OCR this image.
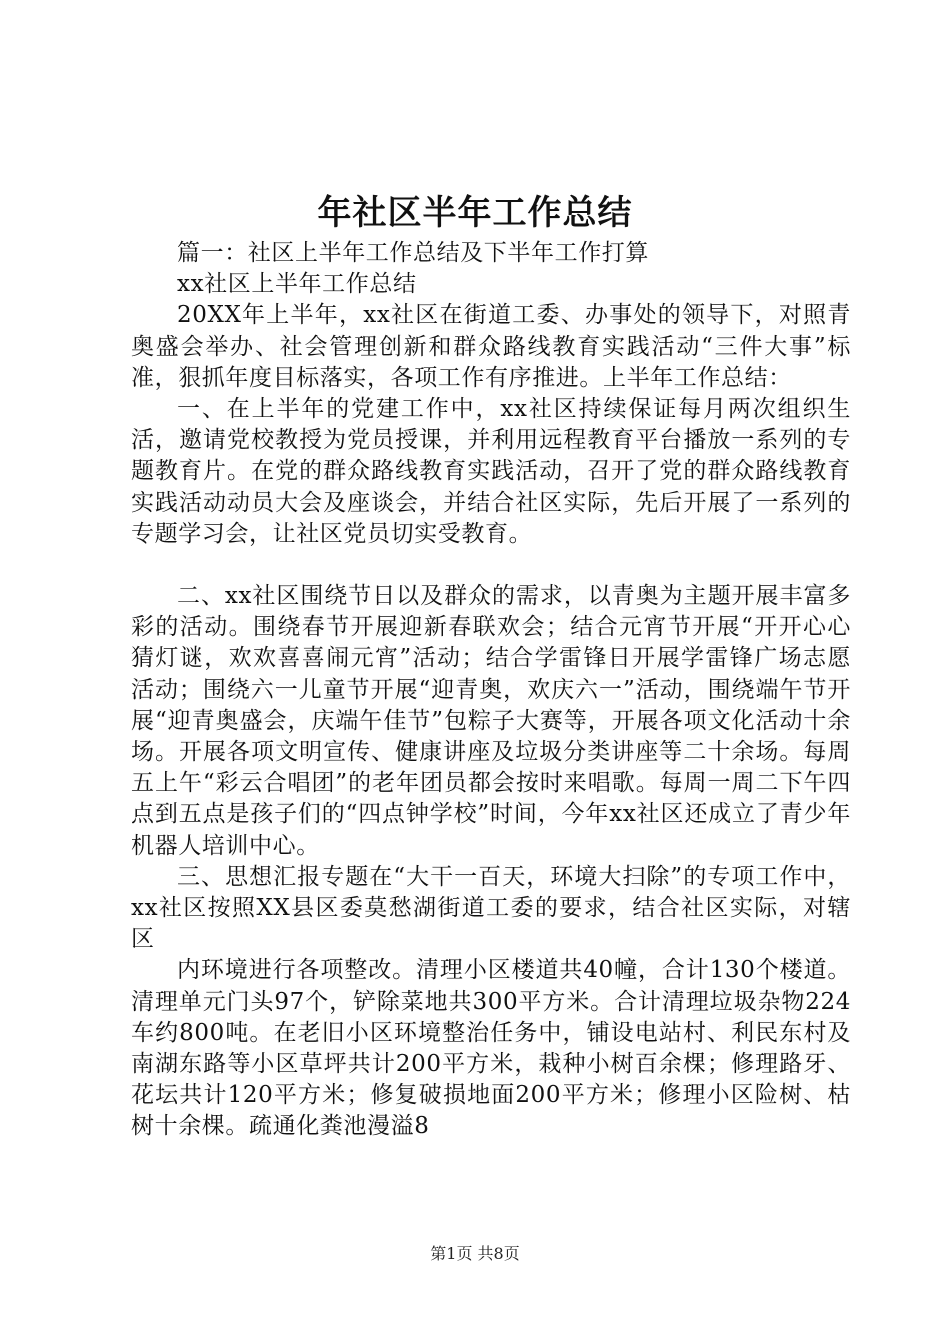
年社区半年工作总结

篇一：社区上半年工作总结及下半年工作打算

xx社区上半年工作总结

20XX年上半年，xx社区在街道工委、办事处的领导下，对照青奥盛会举办、社会管理创新和群众路线教育实践活动“三件大事”标准，狠抓年度目标落实，各项工作有序推进。上半年工作总结：

一、在上半年的党建工作中，xx社区持续保证每月两次组织生活，邀请党校教授为党员授课，并利用远程教育平台播放一系列的专题教育片。在党的群众路线教育实践活动，召开了党的群众路线教育实践活动动员大会及座谈会，并结合社区实际，先后开展了一系列的专题学习会，让社区党员切实受教育。

二、xx社区围绕节日以及群众的需求，以青奥为主题开展丰富多彩的活动。围绕春节开展迎新春联欢会；结合元宵节开展“开开心心猜灯谜，欢欢喜喜闹元宵”活动；结合学雷锋日开展学雷锋广场志愿活动；围绕六一儿童节开展“迎青奥，欢庆六一”活动，围绕端午节开展“迎青奥盛会，庆端午佳节”包粽子大赛等，开展各项文化活动十余场。开展各项文明宣传、健康讲座及垃圾分类讲座等二十余场。每周五上午“彩云合唱团”的老年团员都会按时来唱歌。每周一周二下午四点到五点是孩子们的“四点钟学校”时间，今年xx社区还成立了青少年机器人培训中心。

三、思想汇报专题在“大干一百天，环境大扫除”的专项工作中，xx社区按照XX县区委莫愁湖街道工委的要求，结合社区实际，对辖区

内环境进行各项整改。清理小区楼道共40幢，合计130个楼道。清理单元门头97个，铲除菜地共300平方米。合计清理垃圾杂物224车约800吨。在老旧小区环境整治任务中，铺设电站村、利民东村及南湖东路等小区草坪共计200平方米，栽种小树百余棵；修理路牙、花坛共计120平方米；修复破损地面200平方米；修理小区险树、枯树十余棵。疏通化粪池漫溢8

第1页 共8页
